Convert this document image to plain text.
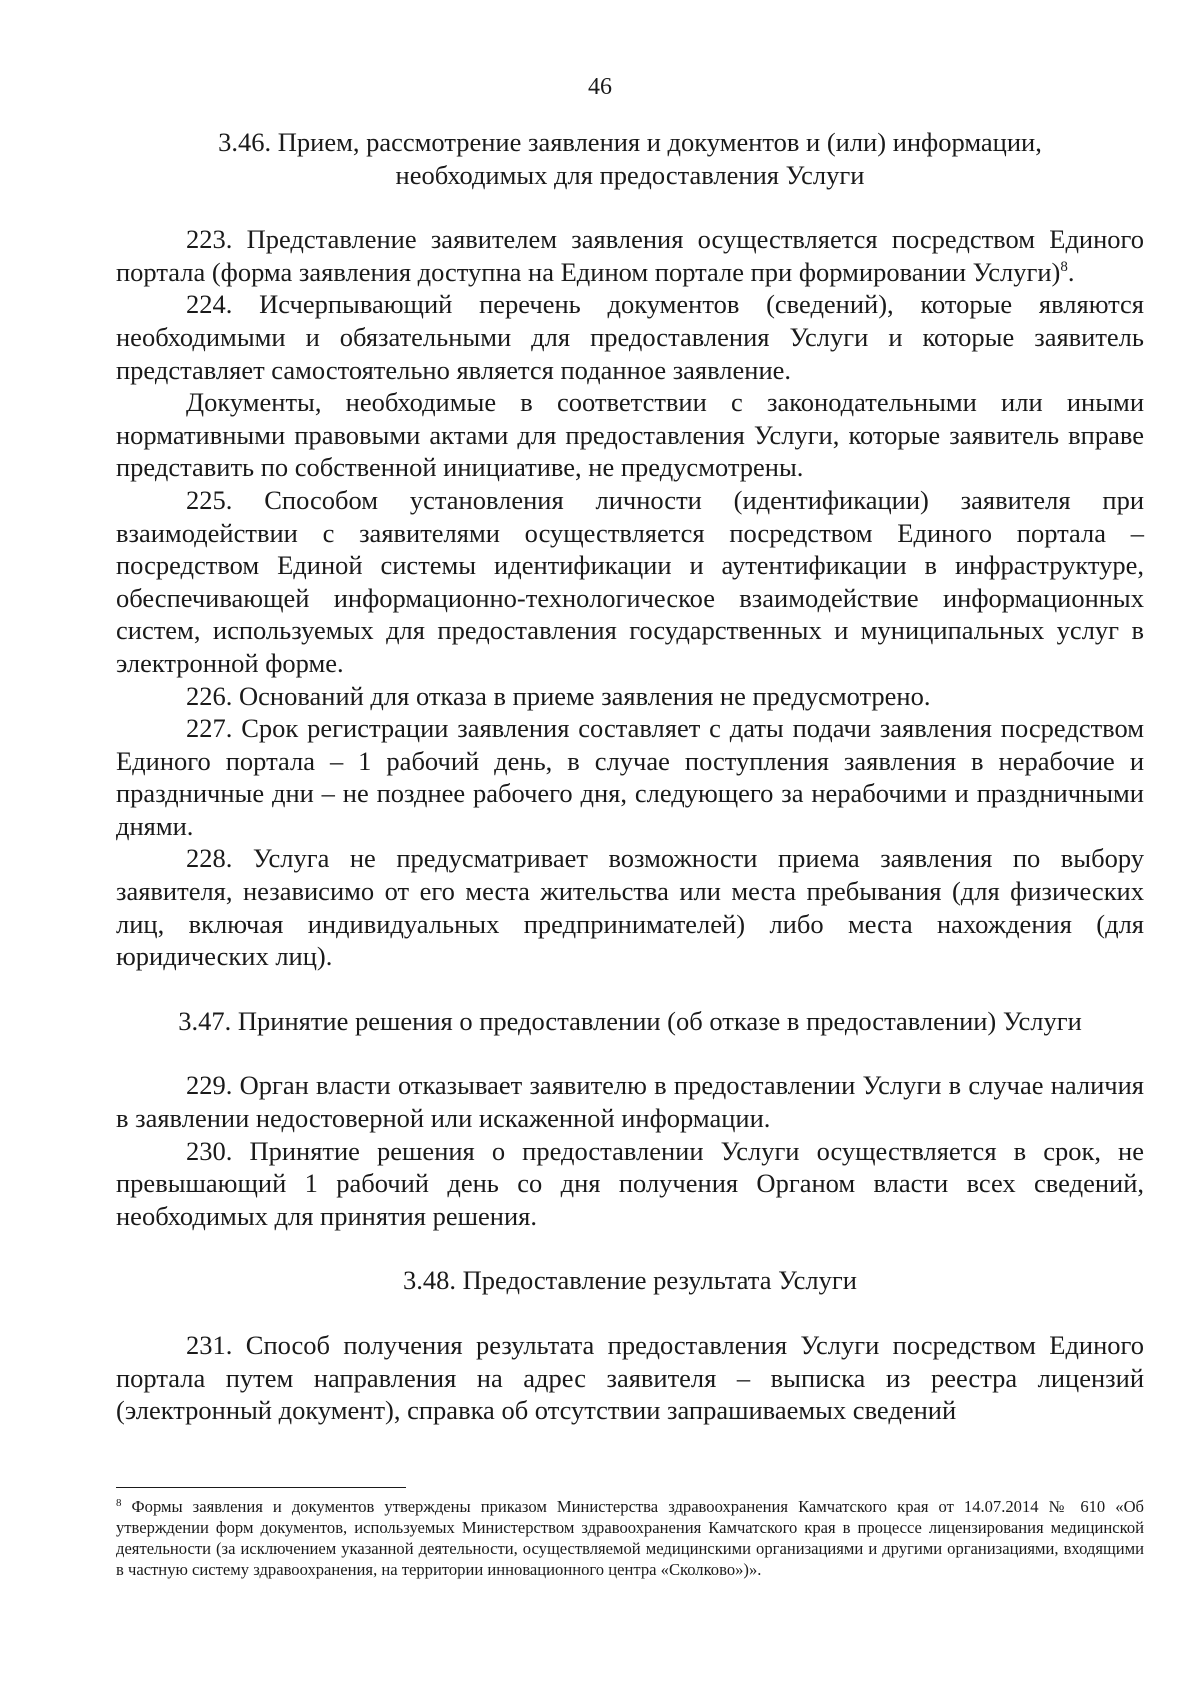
46
3.46. Прием, рассмотрение заявления и документов и (или) информации,
необходимых для предоставления Услуги

223. Представление заявителем заявления осуществляется посредством Единого портала (форма заявления доступна на Едином портале при формировании Услуги)$^8$.

224. Исчерпывающий перечень документов (сведений), которые являются необходимыми и обязательными для предоставления Услуги и которые заявитель представляет самостоятельно является поданное заявление.

Документы, необходимые в соответствии с законодательными или иными нормативными правовыми актами для предоставления Услуги, которые заявитель вправе представить по собственной инициативе, не предусмотрены.

225. Способом установления личности (идентификации) заявителя при взаимодействии с заявителями осуществляется посредством Единого портала – посредством Единой системы идентификации и аутентификации в инфраструктуре, обеспечивающей информационно-технологическое взаимодействие информационных систем, используемых для предоставления государственных и муниципальных услуг в электронной форме.

226. Оснований для отказа в приеме заявления не предусмотрено.

227. Срок регистрации заявления составляет с даты подачи заявления посредством Единого портала – 1 рабочий день, в случае поступления заявления в нерабочие и праздничные дни – не позднее рабочего дня, следующего за нерабочими и праздничными днями.

228. Услуга не предусматривает возможности приема заявления по выбору заявителя, независимо от его места жительства или места пребывания (для физических лиц, включая индивидуальных предпринимателей) либо места нахождения (для юридических лиц).

3.47. Принятие решения о предоставлении (об отказе в предоставлении) Услуги

229. Орган власти отказывает заявителю в предоставлении Услуги в случае наличия в заявлении недостоверной или искаженной информации.

230. Принятие решения о предоставлении Услуги осуществляется в срок, не превышающий 1 рабочий день со дня получения Органом власти всех сведений, необходимых для принятия решения.

3.48. Предоставление результата Услуги

231. Способ получения результата предоставления Услуги посредством Единого портала путем направления на адрес заявителя – выписка из реестра лицензий (электронный документ), справка об отсутствии запрашиваемых сведений

$^8$ Формы заявления и документов утверждены приказом Министерства здравоохранения Камчатского края от 14.07.2014 № 610 «Об утверждении форм документов, используемых Министерством здравоохранения Камчатского края в процессе лицензирования медицинской деятельности (за исключением указанной деятельности, осуществляемой медицинскими организациями и другими организациями, входящими в частную систему здравоохранения, на территории инновационного центра «Сколково»)».
